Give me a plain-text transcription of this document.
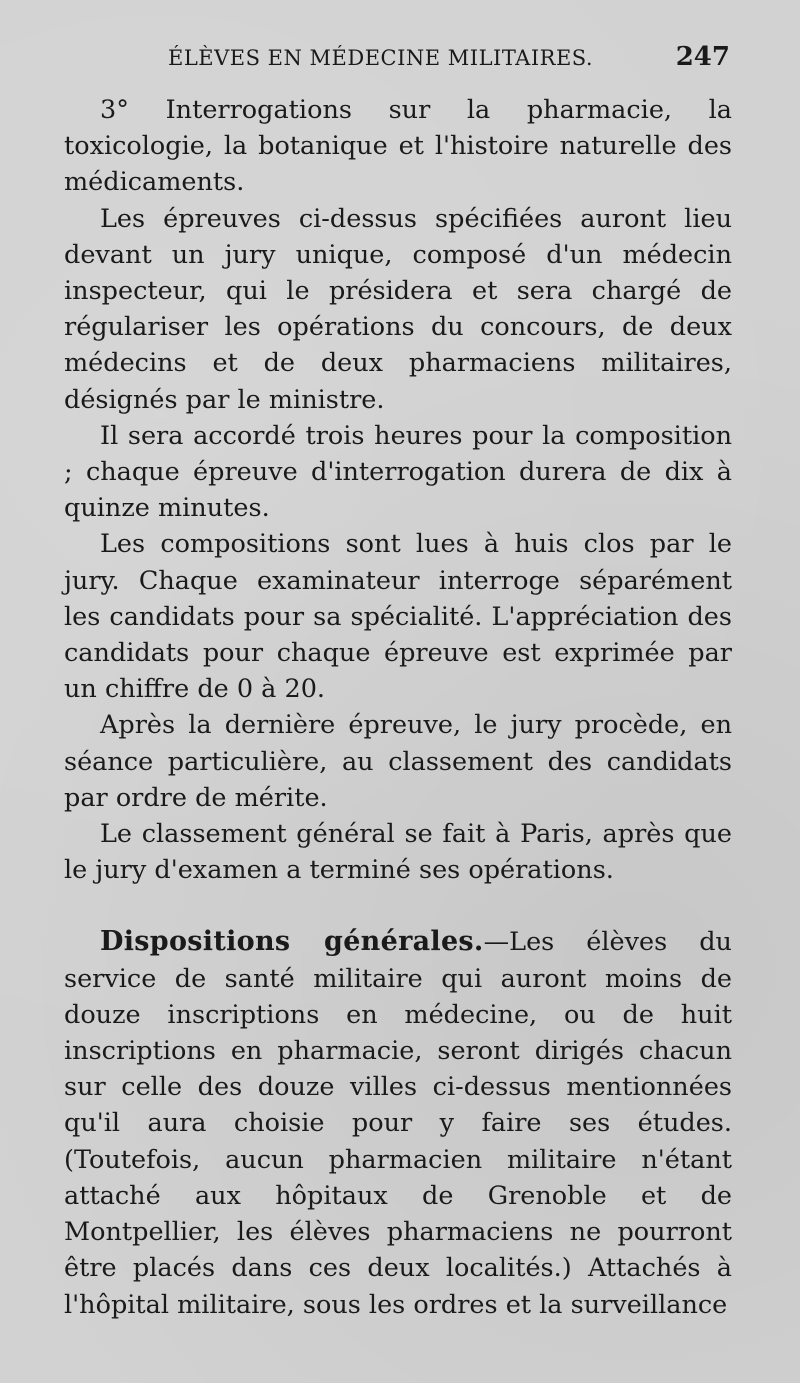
ÉLÈVES EN MÉDECINE MILITAIRES.	247

3° Interrogations sur la pharmacie, la toxicologie, la botanique et l'histoire naturelle des médicaments.

Les épreuves ci-dessus spécifiées auront lieu devant un jury unique, composé d'un médecin inspecteur, qui le présidera et sera chargé de régulariser les opérations du concours, de deux médecins et de deux pharmaciens militaires, désignés par le ministre.

Il sera accordé trois heures pour la composition ; chaque épreuve d'interrogation durera de dix à quinze minutes.

Les compositions sont lues à huis clos par le jury. Chaque examinateur interroge séparément les candidats pour sa spécialité. L'appréciation des candidats pour chaque épreuve est exprimée par un chiffre de 0 à 20.

Après la dernière épreuve, le jury procède, en séance particulière, au classement des candidats par ordre de mérite.

Le classement général se fait à Paris, après que le jury d'examen a terminé ses opérations.

Dispositions générales.—Les élèves du service de santé militaire qui auront moins de douze inscriptions en médecine, ou de huit inscriptions en pharmacie, seront dirigés chacun sur celle des douze villes ci-dessus mentionnées qu'il aura choisie pour y faire ses études. (Toutefois, aucun pharmacien militaire n'étant attaché aux hôpitaux de Grenoble et de Montpellier, les élèves pharmaciens ne pourront être placés dans ces deux localités.) Attachés à l'hôpital militaire, sous les ordres et la surveillance
